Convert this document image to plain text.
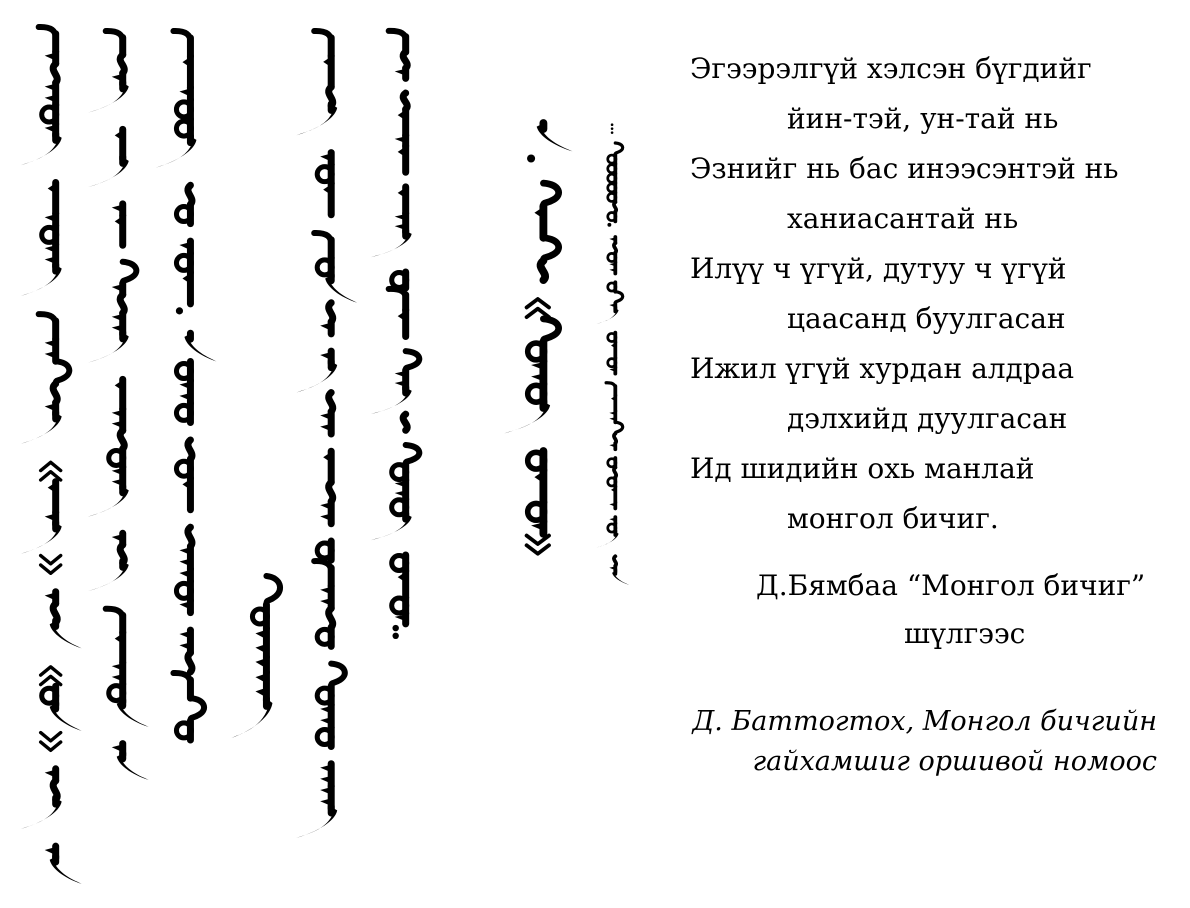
Эгээрэлгүй хэлсэн бүгдийг

йин-тэй, ун-тай нь

Эзнийг нь бас инээсэнтэй нь

ханиасантай нь

Илүү ч үгүй, дутуу ч үгүй

цаасанд буулгасан

Ижил үгүй хурдан алдраа

дэлхийд дуулгасан

Ид шидийн охь манлай

монгол бичиг.

Д.Бямбаа “Монгол бичиг”

шүлгээс

Д. Баттогтох, Монгол бичгийн

гайхамшиг оршивой номоос
